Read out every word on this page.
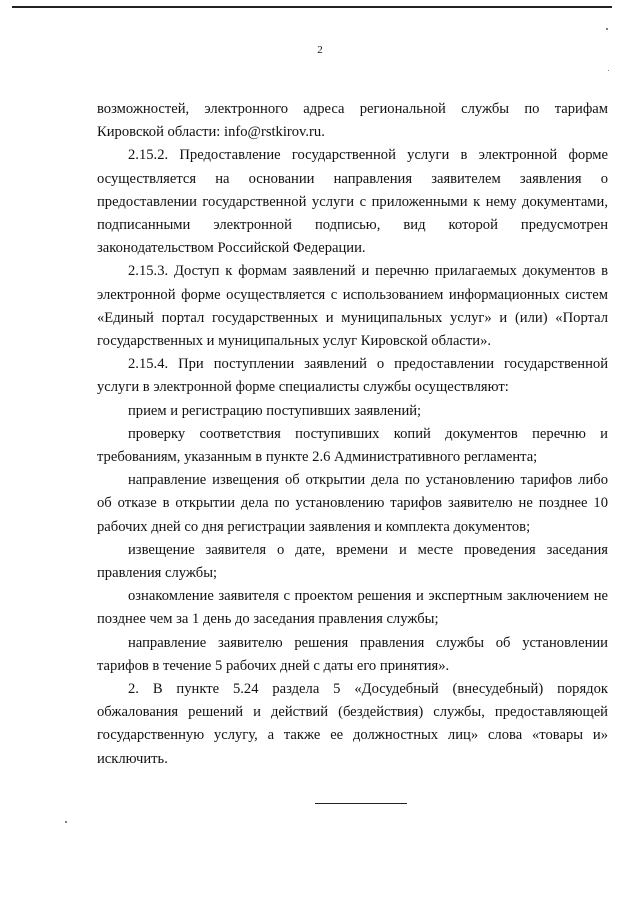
2

возможностей, электронного адреса региональной службы по тарифам Кировской области: info@rstkirov.ru.

2.15.2. Предоставление государственной услуги в электронной форме осуществляется на основании направления заявителем заявления о предоставлении государственной услуги с приложенными к нему документами, подписанными электронной подписью, вид которой предусмотрен законодательством Российской Федерации.

2.15.3. Доступ к формам заявлений и перечню прилагаемых документов в электронной форме осуществляется с использованием информационных систем «Единый портал государственных и муниципальных услуг» и (или) «Портал государственных и муниципальных услуг Кировской области».

2.15.4. При поступлении заявлений о предоставлении государственной услуги в электронной форме специалисты службы осуществляют:

прием и регистрацию поступивших заявлений;

проверку соответствия поступивших копий документов перечню и требованиям, указанным в пункте 2.6 Административного регламента;

направление извещения об открытии дела по установлению тарифов либо об отказе в открытии дела по установлению тарифов заявителю не позднее 10 рабочих дней со дня регистрации заявления и комплекта документов;

извещение заявителя о дате, времени и месте проведения заседания правления службы;

ознакомление заявителя с проектом решения и экспертным заключением не позднее чем за 1 день до заседания правления службы;

направление заявителю решения правления службы об установлении тарифов в течение 5 рабочих дней с даты его принятия».

2. В пункте 5.24 раздела 5 «Досудебный (внесудебный) порядок обжалования решений и действий (бездействия) службы, предоставляющей государственную услугу, а также ее должностных лиц» слова «товары и» исключить.
